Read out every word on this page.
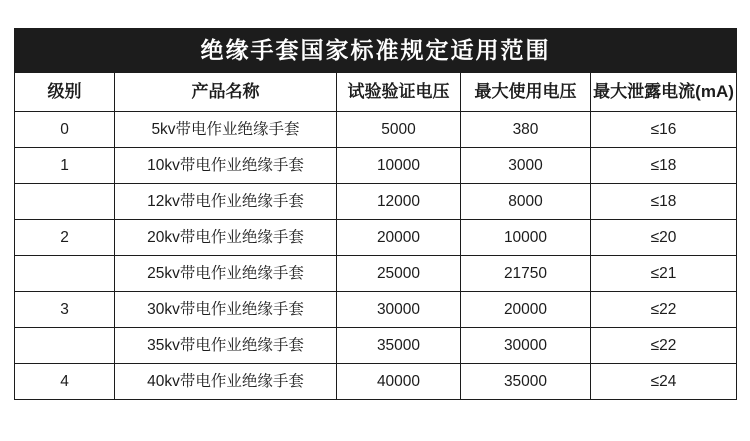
绝缘手套国家标准规定适用范围				
级别	产品名称	试验验证电压	最大使用电压	最大泄露电流(mA)
0	5kv带电作业绝缘手套	5000	380	≤16
1	10kv带电作业绝缘手套	10000	3000	≤18
	12kv带电作业绝缘手套	12000	8000	≤18
2	20kv带电作业绝缘手套	20000	10000	≤20
	25kv带电作业绝缘手套	25000	21750	≤21
3	30kv带电作业绝缘手套	30000	20000	≤22
	35kv带电作业绝缘手套	35000	30000	≤22
4	40kv带电作业绝缘手套	40000	35000	≤24
